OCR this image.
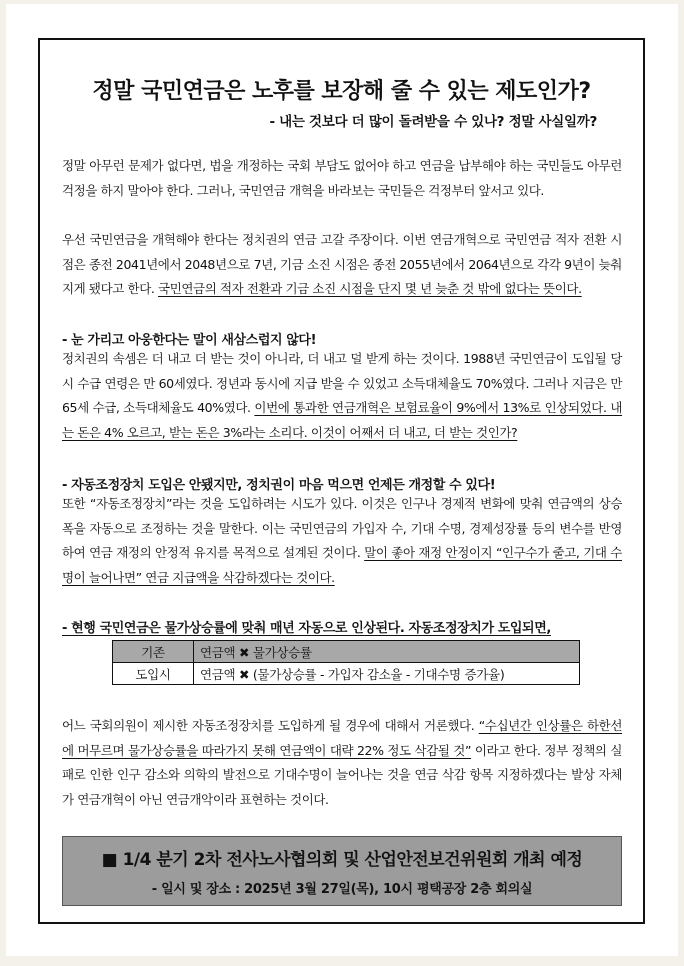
정말 국민연금은 노후를 보장해 줄 수 있는 제도인가?
- 내는 것보다 더 많이 돌려받을 수 있나? 정말 사실일까?
정말 아무런 문제가 없다면, 법을 개정하는 국회 부담도 없어야 하고 연금을 납부해야 하는 국민들도 아무런 걱정을 하지 말아야 한다. 그러나, 국민연금 개혁을 바라보는 국민들은 걱정부터 앞서고 있다.
우선 국민연금을 개혁해야 한다는 정치권의 연금 고갈 주장이다. 이번 연금개혁으로 국민연금 적자 전환 시점은 종전 2041년에서 2048년으로 7년, 기금 소진 시점은 종전 2055년에서 2064년으로 각각 9년이 늦춰지게 됐다고 한다. 국민연금의 적자 전환과 기금 소진 시점을 단지 몇 년 늦춘 것 밖에 없다는 뜻이다.
- 눈 가리고 아웅한다는 말이 새삼스럽지 않다!
정치권의 속셈은 더 내고 더 받는 것이 아니라, 더 내고 덜 받게 하는 것이다. 1988년 국민연금이 도입될 당시 수급 연령은 만 60세였다. 정년과 동시에 지급 받을 수 있었고 소득대체율도 70%였다. 그러나 지금은 만 65세 수급, 소득대체율도 40%였다. 이번에 통과한 연금개혁은 보험료율이 9%에서 13%로 인상되었다. 내는 돈은 4% 오르고, 받는 돈은 3%라는 소리다. 이것이 어째서 더 내고, 더 받는 것인가?
- 자동조정장치 도입은 안됐지만, 정치권이 마음 먹으면 언제든 개정할 수 있다!
또한 “자동조정장치”라는 것을 도입하려는 시도가 있다. 이것은 인구나 경제적 변화에 맞춰 연금액의 상승폭을 자동으로 조정하는 것을 말한다. 이는 국민연금의 가입자 수, 기대 수명, 경제성장률 등의 변수를 반영하여 연금 재정의 안정적 유지를 목적으로 설계된 것이다. 말이 좋아 재정 안정이지 “인구수가 줄고, 기대 수명이 늘어나면” 연금 지급액을 삭감하겠다는 것이다.
- 현행 국민연금은 물가상승률에 맞춰 매년 자동으로 인상된다. 자동조정장치가 도입되면,
기존	연금액 ✖ 물가상승률
도입시	연금액 ✖ (물가상승률 - 가입자 감소율 - 기대수명 증가율)
어느 국회의원이 제시한 자동조정장치를 도입하게 될 경우에 대해서 거론했다. “수십년간 인상률은 하한선에 머무르며 물가상승률을 따라가지 못해 연금액이 대략 22% 정도 삭감될 것” 이라고 한다. 정부 정책의 실패로 인한 인구 감소와 의학의 발전으로 기대수명이 늘어나는 것을 연금 삭감 항목 지정하겠다는 발상 자체가 연금개혁이 아닌 연금개악이라 표현하는 것이다.
■ 1/4 분기 2차 전사노사협의회 및 산업안전보건위원회 개최 예정
- 일시 및 장소 : 2025년 3월 27일(목), 10시 평택공장 2층 회의실
